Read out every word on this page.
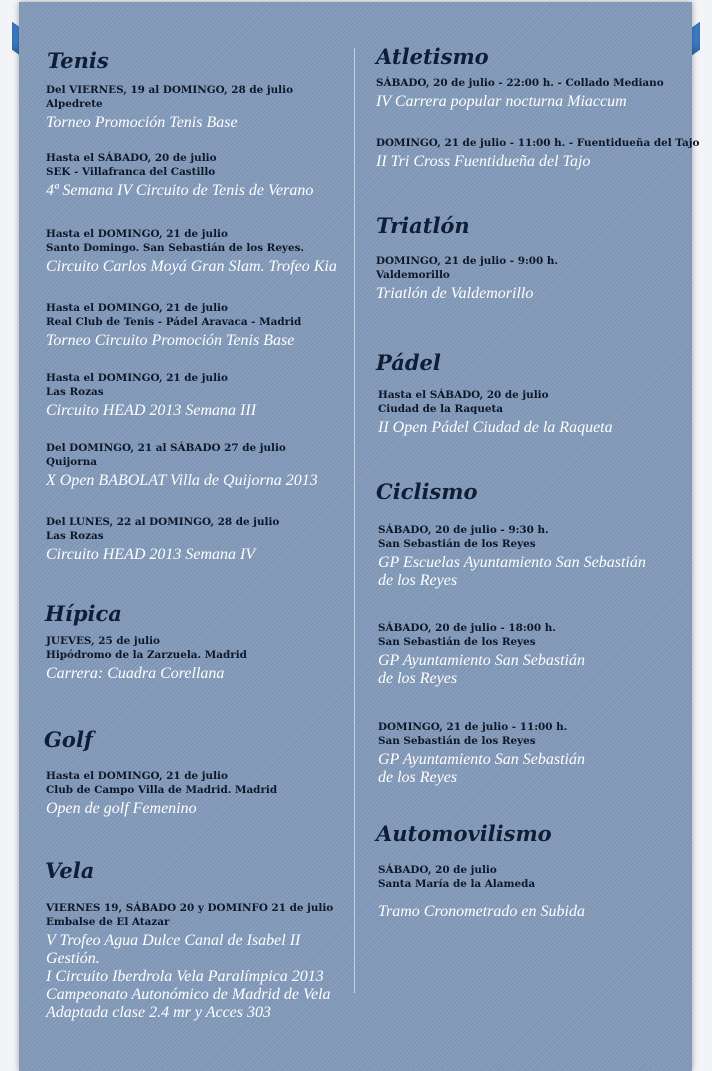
Tenis
Del VIERNES, 19 al DOMINGO, 28 de julio
Alpedrete
Torneo Promoción Tenis Base
Hasta el SÁBADO, 20 de julio
SEK - Villafranca del Castillo
4ª Semana IV Circuito de Tenis de Verano
Hasta el DOMINGO, 21 de julio
Santo Domingo. San Sebastián de los Reyes.
Circuito Carlos Moyá Gran Slam. Trofeo Kia
Hasta el DOMINGO, 21 de julio
Real Club de Tenis - Pádel Aravaca - Madrid
Torneo Circuito Promoción Tenis Base
Hasta el DOMINGO, 21 de julio
Las Rozas
Circuito HEAD 2013 Semana III
Del DOMINGO, 21 al SÁBADO 27 de julio
Quijorna
X Open BABOLAT Villa de Quijorna 2013
Del LUNES, 22 al DOMINGO, 28 de julio
Las Rozas
Circuito HEAD 2013 Semana IV
Hípica
JUEVES, 25 de julio
Hipódromo de la Zarzuela. Madrid
Carrera: Cuadra Corellana
Golf
Hasta el DOMINGO, 21 de julio
Club de Campo Villa de Madrid. Madrid
Open de golf Femenino
Vela
VIERNES 19, SÁBADO 20 y DOMINFO 21 de julio
Embalse de El Atazar
V Trofeo Agua Dulce Canal de Isabel II
Gestión.
I Circuito Iberdrola Vela Paralímpica 2013
Campeonato Autonómico de Madrid de Vela
Adaptada clase 2.4 mr y Acces 303
Atletismo
SÁBADO, 20 de julio - 22:00 h. - Collado Mediano
IV Carrera popular nocturna Miaccum
DOMINGO, 21 de julio - 11:00 h. - Fuentidueña del Tajo
II Tri Cross Fuentidueña del Tajo
Triatlón
DOMINGO, 21 de julio - 9:00 h.
Valdemorillo
Triatlón de Valdemorillo
Pádel
Hasta el SÁBADO, 20 de julio
Ciudad de la Raqueta
II Open Pádel Ciudad de la Raqueta
Ciclismo
SÁBADO, 20 de julio - 9:30 h.
San Sebastián de los Reyes
GP Escuelas Ayuntamiento San Sebastián
de los Reyes
SÁBADO, 20 de julio - 18:00 h.
San Sebastián de los Reyes
GP Ayuntamiento San Sebastián
de los Reyes
DOMINGO, 21 de julio - 11:00 h.
San Sebastián de los Reyes
GP Ayuntamiento San Sebastián
de los Reyes
Automovilismo
SÁBADO, 20 de julio
Santa María de la Alameda
Tramo Cronometrado en Subida
